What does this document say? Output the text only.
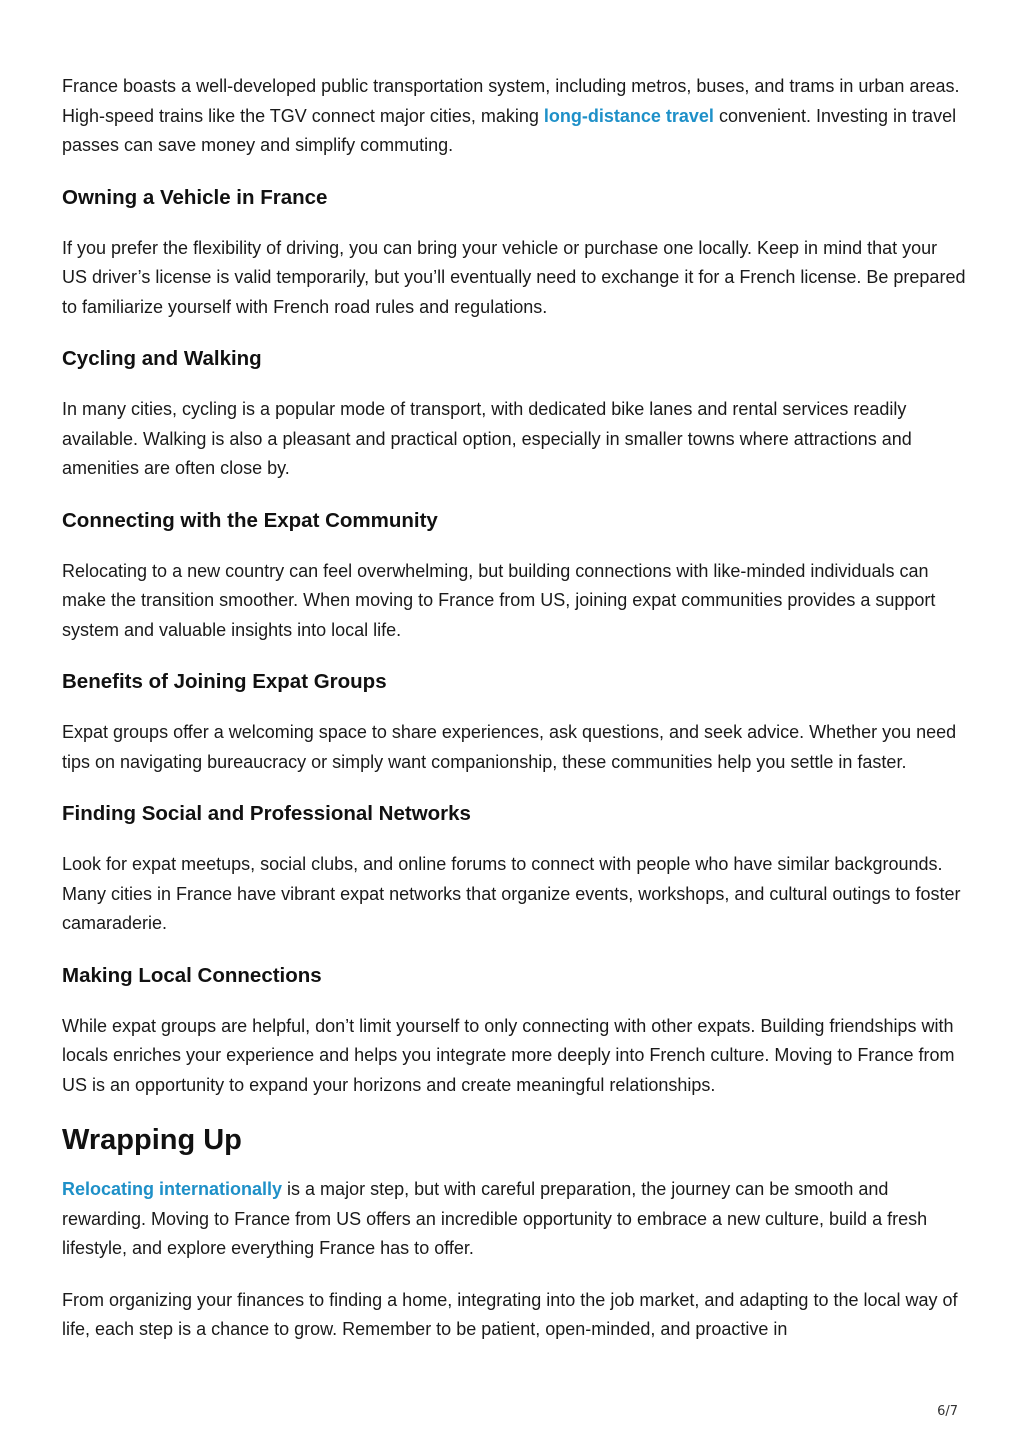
France boasts a well-developed public transportation system, including metros, buses, and trams in urban areas. High-speed trains like the TGV connect major cities, making long-distance travel convenient. Investing in travel passes can save money and simplify commuting.

Owning a Vehicle in France

If you prefer the flexibility of driving, you can bring your vehicle or purchase one locally. Keep in mind that your US driver’s license is valid temporarily, but you’ll eventually need to exchange it for a French license. Be prepared to familiarize yourself with French road rules and regulations.

Cycling and Walking

In many cities, cycling is a popular mode of transport, with dedicated bike lanes and rental services readily available. Walking is also a pleasant and practical option, especially in smaller towns where attractions and amenities are often close by.

Connecting with the Expat Community

Relocating to a new country can feel overwhelming, but building connections with like-minded individuals can make the transition smoother. When moving to France from US, joining expat communities provides a support system and valuable insights into local life.

Benefits of Joining Expat Groups

Expat groups offer a welcoming space to share experiences, ask questions, and seek advice. Whether you need tips on navigating bureaucracy or simply want companionship, these communities help you settle in faster.

Finding Social and Professional Networks

Look for expat meetups, social clubs, and online forums to connect with people who have similar backgrounds. Many cities in France have vibrant expat networks that organize events, workshops, and cultural outings to foster camaraderie.

Making Local Connections

While expat groups are helpful, don’t limit yourself to only connecting with other expats. Building friendships with locals enriches your experience and helps you integrate more deeply into French culture. Moving to France from US is an opportunity to expand your horizons and create meaningful relationships.

Wrapping Up

Relocating internationally is a major step, but with careful preparation, the journey can be smooth and rewarding. Moving to France from US offers an incredible opportunity to embrace a new culture, build a fresh lifestyle, and explore everything France has to offer.

From organizing your finances to finding a home, integrating into the job market, and adapting to the local way of life, each step is a chance to grow. Remember to be patient, open-minded, and proactive in

6/7
